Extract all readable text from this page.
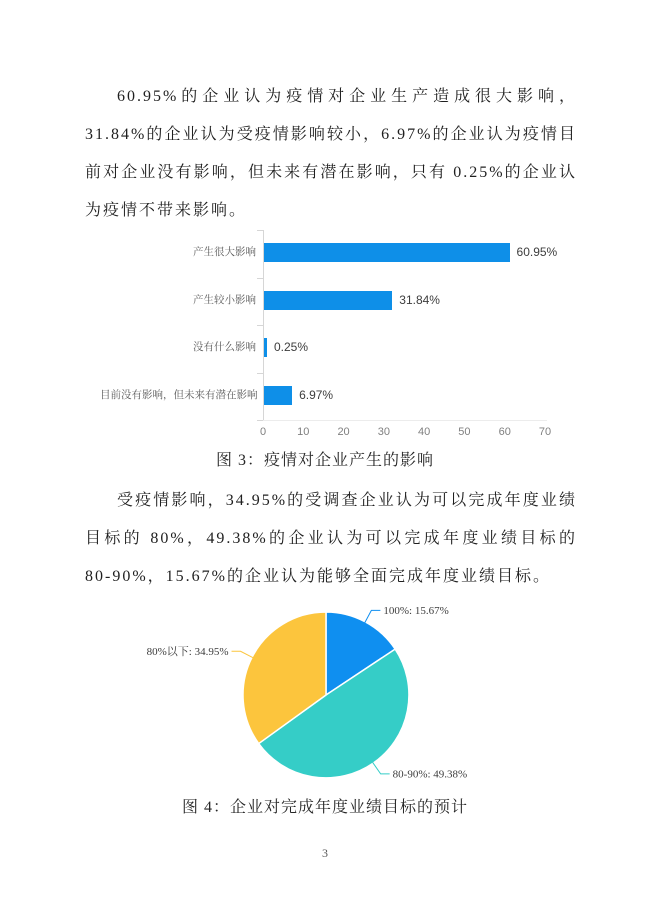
60.95%的企业认为疫情对企业生产造成很大影响，31.84%的企业认为受疫情影响较小，6.97%的企业认为疫情目前对企业没有影响，但未来有潜在影响，只有 0.25%的企业认为疫情不带来影响。

产生很大影响	60.95%
产生较小影响	31.84%
没有什么影响 0.25%
目前没有影响，但未来有潜在影响	6.97%
0	10	20	30	40	50	60	70
图 3：疫情对企业产生的影响

受疫情影响，34.95%的受调查企业认为可以完成年度业绩目标的 80%，49.38%的企业认为可以完成年度业绩目标的 80-90%，15.67%的企业认为能够全面完成年度业绩目标。

100%: 15.67%
80-90%: 49.38%
80%以下: 34.95%
图 4：企业对完成年度业绩目标的预计
3
